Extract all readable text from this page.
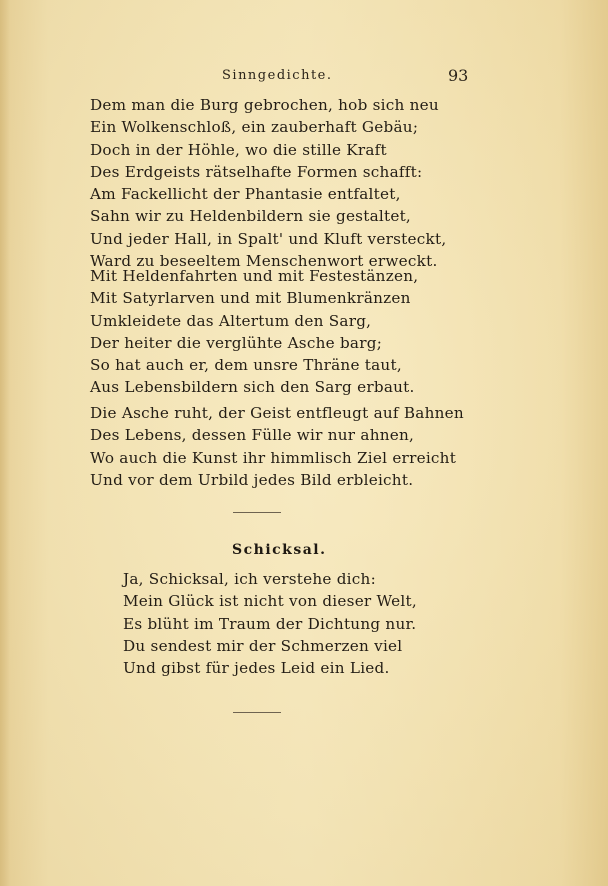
Sinngedichte.	93
Dem man die Burg gebrochen, hob sich neu
Ein Wolkenschloß, ein zauberhaft Gebäu;
Doch in der Höhle, wo die stille Kraft
Des Erdgeists rätselhafte Formen schafft:
Am Fackellicht der Phantasie entfaltet,
Sahn wir zu Heldenbildern sie gestaltet,
Und jeder Hall, in Spalt' und Kluft versteckt,
Ward zu beseeltem Menschenwort erweckt.
Mit Heldenfahrten und mit Festestänzen,
Mit Satyrlarven und mit Blumenkränzen
Umkleidete das Altertum den Sarg,
Der heiter die verglühte Asche barg;
So hat auch er, dem unsre Thräne taut,
Aus Lebensbildern sich den Sarg erbaut.
Die Asche ruht, der Geist entfleugt auf Bahnen
Des Lebens, dessen Fülle wir nur ahnen,
Wo auch die Kunst ihr himmlisch Ziel erreicht
Und vor dem Urbild jedes Bild erbleicht.
Schicksal.
Ja, Schicksal, ich verstehe dich:
Mein Glück ist nicht von dieser Welt,
Es blüht im Traum der Dichtung nur.
Du sendest mir der Schmerzen viel
Und gibst für jedes Leid ein Lied.
